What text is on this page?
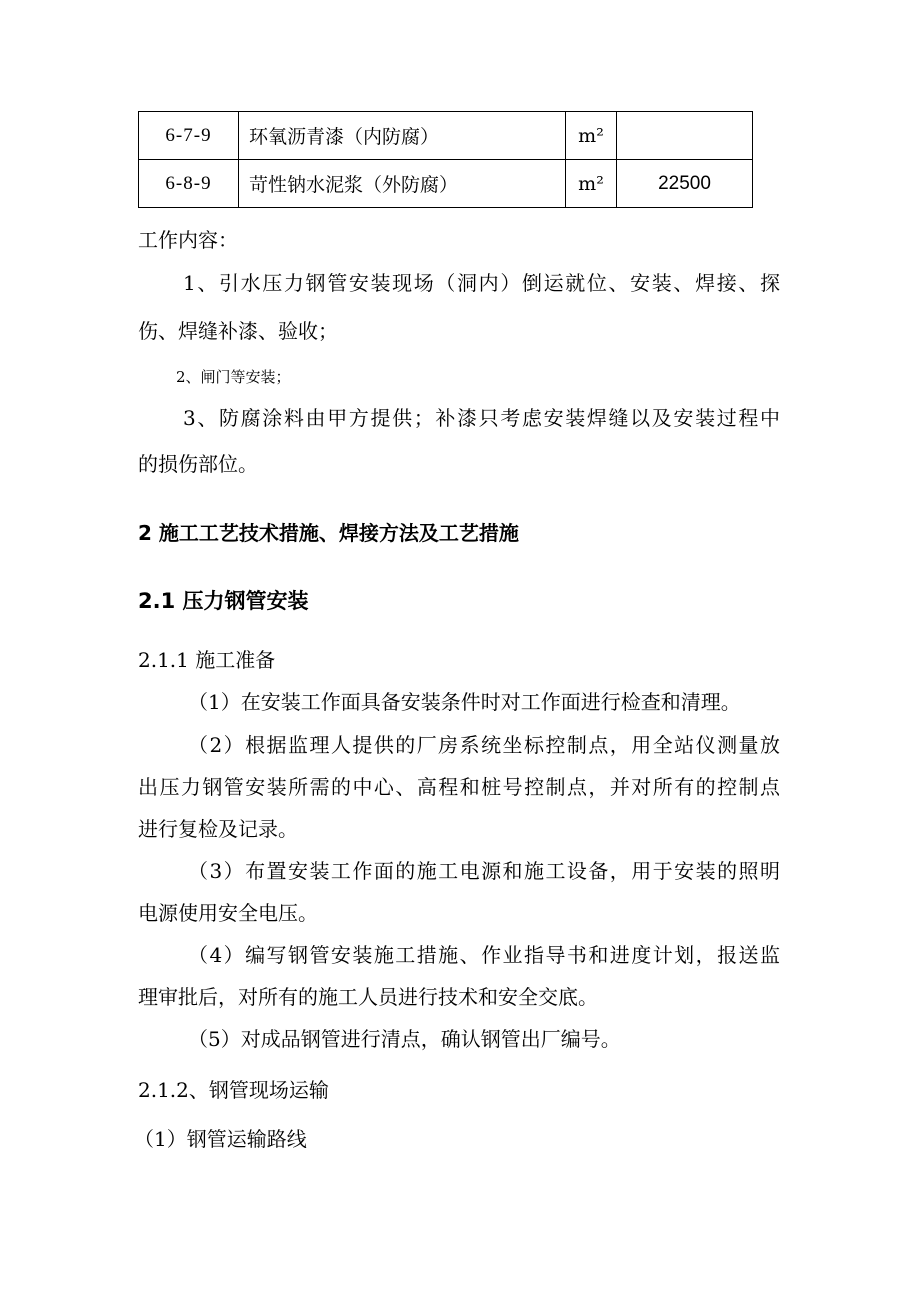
6-7-9	环氧沥青漆（内防腐）	m²	
6-8-9	苛性钠水泥浆（外防腐）	m²	22500
工作内容：
1、引水压力钢管安装现场（洞内）倒运就位、安装、焊接、探
伤、焊缝补漆、验收；
2、闸门等安装；
3、防腐涂料由甲方提供；补漆只考虑安装焊缝以及安装过程中
的损伤部位。
2 施工工艺技术措施、焊接方法及工艺措施
2.1 压力钢管安装
2.1.1 施工准备
（1）在安装工作面具备安装条件时对工作面进行检查和清理。
（2）根据监理人提供的厂房系统坐标控制点，用全站仪测量放
出压力钢管安装所需的中心、高程和桩号控制点，并对所有的控制点
进行复检及记录。
（3）布置安装工作面的施工电源和施工设备，用于安装的照明
电源使用安全电压。
（4）编写钢管安装施工措施、作业指导书和进度计划，报送监
理审批后，对所有的施工人员进行技术和安全交底。
（5）对成品钢管进行清点，确认钢管出厂编号。
2.1.2、钢管现场运输
（1）钢管运输路线
